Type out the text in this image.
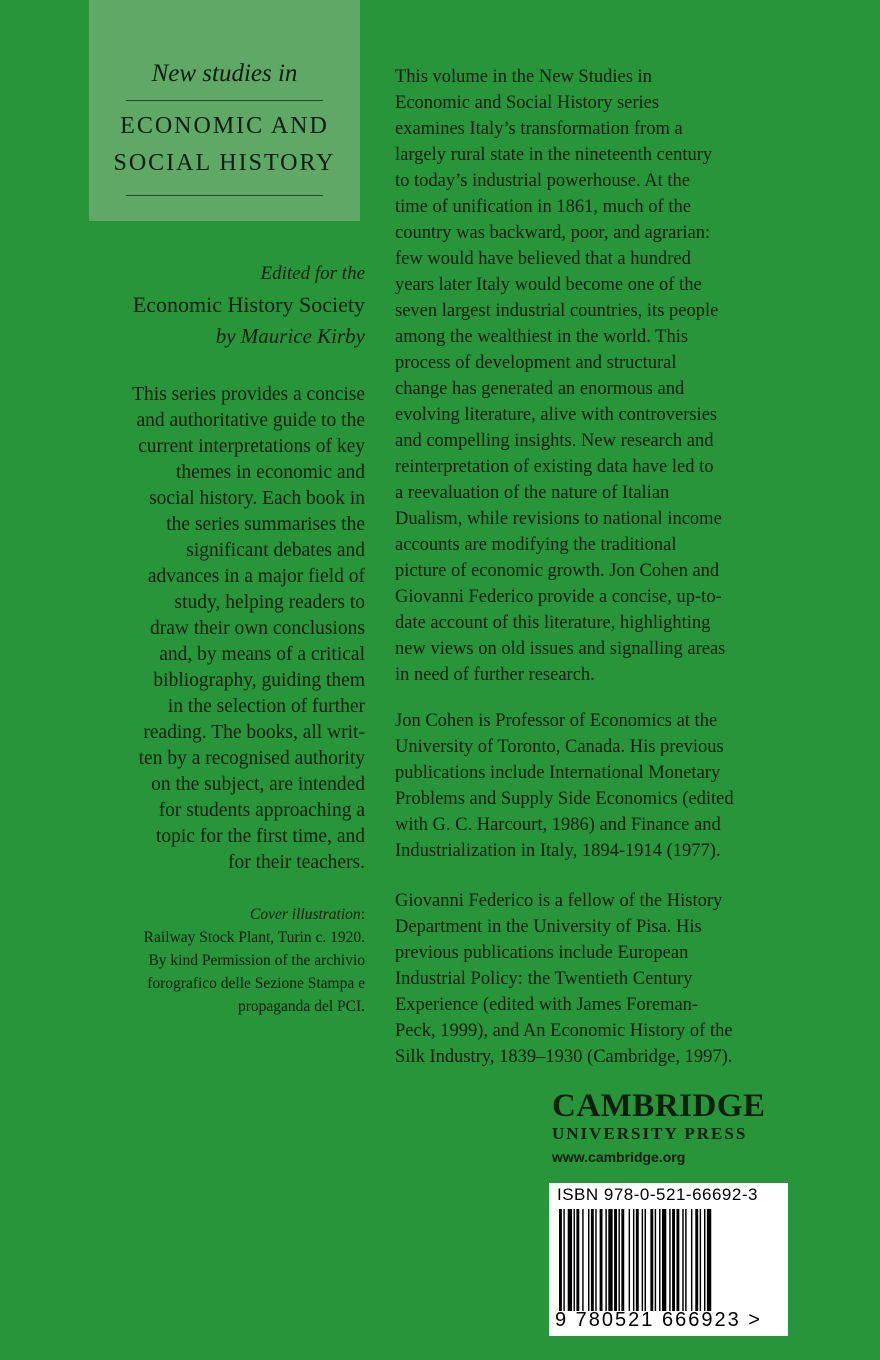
New studies in
ECONOMIC AND
SOCIAL HISTORY
Edited for the
Economic History Society
by Maurice Kirby
This series provides a concise
and authoritative guide to the
current interpretations of key
themes in economic and
social history. Each book in
the series summarises the
significant debates and
advances in a major field of
study, helping readers to
draw their own conclusions
and, by means of a critical
bibliography, guiding them
in the selection of further
reading. The books, all writ-
ten by a recognised authority
on the subject, are intended
for students approaching a
topic for the first time, and
for their teachers.
Cover illustration:
Railway Stock Plant, Turin c. 1920.
By kind Permission of the archivio
forografico delle Sezione Stampa e
propaganda del PCI.
This volume in the New Studies in
Economic and Social History series
examines Italy’s transformation from a
largely rural state in the nineteenth century
to today’s industrial powerhouse. At the
time of unification in 1861, much of the
country was backward, poor, and agrarian:
few would have believed that a hundred
years later Italy would become one of the
seven largest industrial countries, its people
among the wealthiest in the world. This
process of development and structural
change has generated an enormous and
evolving literature, alive with controversies
and compelling insights. New research and
reinterpretation of existing data have led to
a reevaluation of the nature of Italian
Dualism, while revisions to national income
accounts are modifying the traditional
picture of economic growth. Jon Cohen and
Giovanni Federico provide a concise, up-to-
date account of this literature, highlighting
new views on old issues and signalling areas
in need of further research.
Jon Cohen is Professor of Economics at the
University of Toronto, Canada. His previous
publications include International Monetary
Problems and Supply Side Economics (edited
with G. C. Harcourt, 1986) and Finance and
Industrialization in Italy, 1894-1914 (1977).
Giovanni Federico is a fellow of the History
Department in the University of Pisa. His
previous publications include European
Industrial Policy: the Twentieth Century
Experience (edited with James Foreman-
Peck, 1999), and An Economic History of the
Silk Industry, 1839–1930 (Cambridge, 1997).
CAMBRIDGE
UNIVERSITY PRESS
www.cambridge.org
ISBN 978-0-521-66692-3
9 780521 666923 >
